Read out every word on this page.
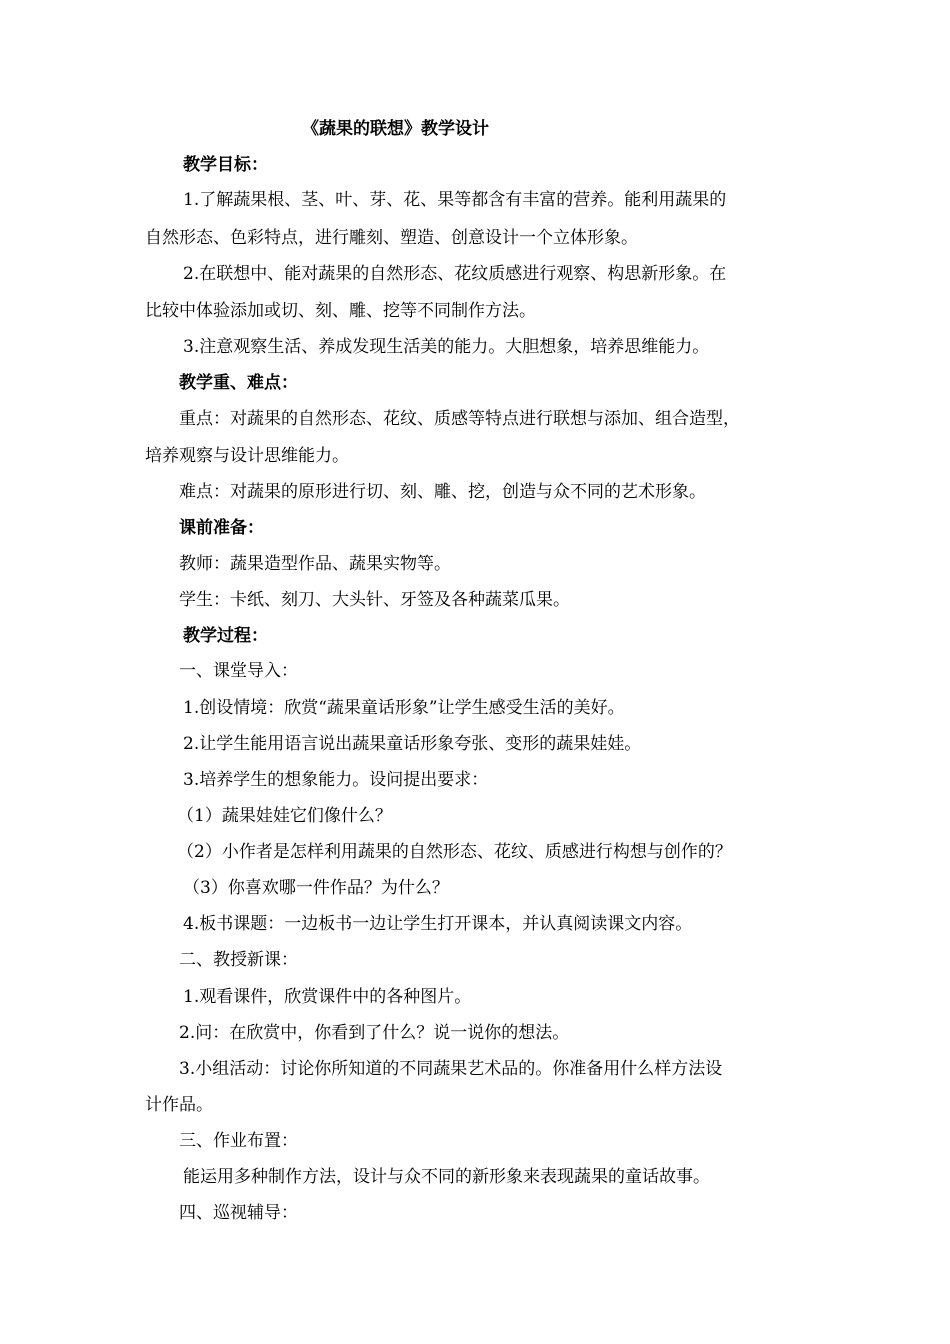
《蔬果的联想》教学设计
教学目标：
1.了解蔬果根、茎、叶、芽、花、果等都含有丰富的营养。能利用蔬果的
自然形态、色彩特点，进行雕刻、塑造、创意设计一个立体形象。
2.在联想中、能对蔬果的自然形态、花纹质感进行观察、构思新形象。在
比较中体验添加或切、刻、雕、挖等不同制作方法。
3.注意观察生活、养成发现生活美的能力。大胆想象，培养思维能力。
教学重、难点：
重点：对蔬果的自然形态、花纹、质感等特点进行联想与添加、组合造型，
培养观察与设计思维能力。
难点：对蔬果的原形进行切、刻、雕、挖，创造与众不同的艺术形象。
课前准备：
教师：蔬果造型作品、蔬果实物等。
学生：卡纸、刻刀、大头针、牙签及各种蔬菜瓜果。
教学过程：
一、课堂导入：
1.创设情境：欣赏“蔬果童话形象”让学生感受生活的美好。
2.让学生能用语言说出蔬果童话形象夸张、变形的蔬果娃娃。
3.培养学生的想象能力。设问提出要求：
（1）蔬果娃娃它们像什么？
（2）小作者是怎样利用蔬果的自然形态、花纹、质感进行构想与创作的？
（3）你喜欢哪一件作品？为什么？
4.板书课题：一边板书一边让学生打开课本，并认真阅读课文内容。
二、教授新课：
1.观看课件，欣赏课件中的各种图片。
2.问：在欣赏中，你看到了什么？说一说你的想法。
3.小组活动：讨论你所知道的不同蔬果艺术品的。你准备用什么样方法设
计作品。
三、作业布置：
能运用多种制作方法，设计与众不同的新形象来表现蔬果的童话故事。
四、巡视辅导：
